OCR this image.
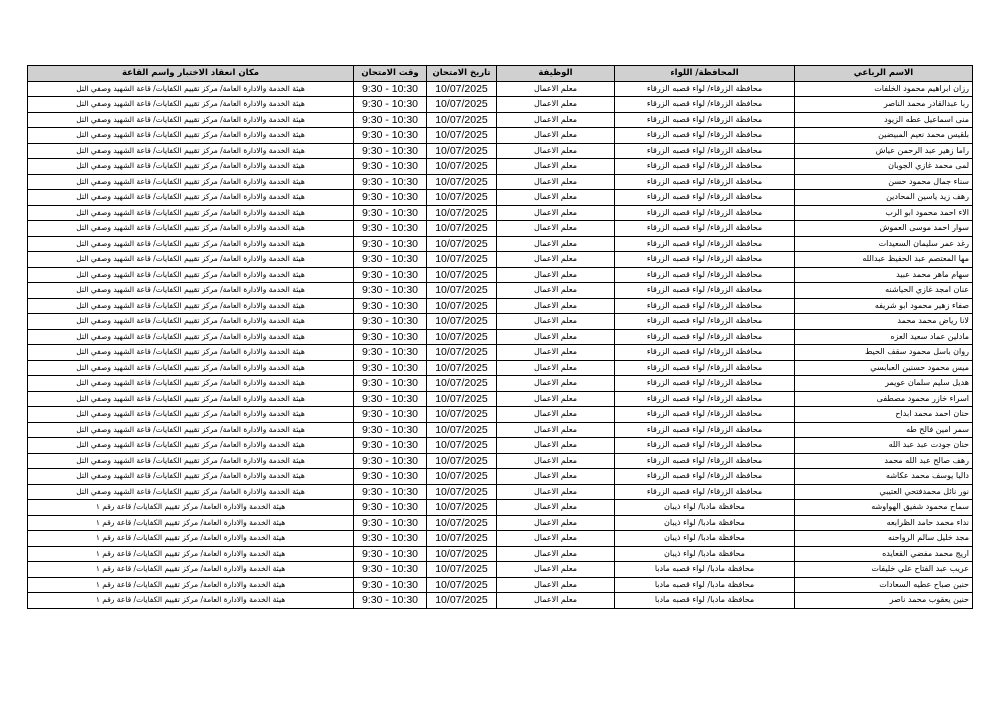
الاسم الرباعي	المحافظة/ اللواء	الوظيفة	تاريخ الامتحان	وقت الامتحان	مكان انعقاد الاختبار واسم القاعة
رزان ابراهيم محمود الخلفات	محافظة الزرقاء/ لواء قصبه الزرقاء	معلم الاعمال	10/07/2025	9:30 - 10:30	هيئة الخدمة والادارة العامة/ مركز تقييم الكفايات/ قاعة الشهيد وصفي التل
ربا عبدالقادر محمد الناصر	محافظة الزرقاء/ لواء قصبه الزرقاء	معلم الاعمال	10/07/2025	9:30 - 10:30	هيئة الخدمة والادارة العامة/ مركز تقييم الكفايات/ قاعة الشهيد وصفي التل
منى اسماعيل عطه الزيود	محافظة الزرقاء/ لواء قصبه الزرقاء	معلم الاعمال	10/07/2025	9:30 - 10:30	هيئة الخدمة والادارة العامة/ مركز تقييم الكفايات/ قاعة الشهيد وصفي التل
بلقيس محمد نعيم المبيضين	محافظة الزرقاء/ لواء قصبه الزرقاء	معلم الاعمال	10/07/2025	9:30 - 10:30	هيئة الخدمة والادارة العامة/ مركز تقييم الكفايات/ قاعة الشهيد وصفي التل
راما زهير عبد الرحمن عياش	محافظة الزرقاء/ لواء قصبه الزرقاء	معلم الاعمال	10/07/2025	9:30 - 10:30	هيئة الخدمة والادارة العامة/ مركز تقييم الكفايات/ قاعة الشهيد وصفي التل
لمى محمد غازي الجوبان	محافظة الزرقاء/ لواء قصبه الزرقاء	معلم الاعمال	10/07/2025	9:30 - 10:30	هيئة الخدمة والادارة العامة/ مركز تقييم الكفايات/ قاعة الشهيد وصفي التل
سناء جمال محمود حسن	محافظة الزرقاء/ لواء قصبه الزرقاء	معلم الاعمال	10/07/2025	9:30 - 10:30	هيئة الخدمة والادارة العامة/ مركز تقييم الكفايات/ قاعة الشهيد وصفي التل
رهف زيد ياسين المحادين	محافظة الزرقاء/ لواء قصبه الزرقاء	معلم الاعمال	10/07/2025	9:30 - 10:30	هيئة الخدمة والادارة العامة/ مركز تقييم الكفايات/ قاعة الشهيد وصفي التل
الاء احمد محمود ابو الرب	محافظة الزرقاء/ لواء قصبه الزرقاء	معلم الاعمال	10/07/2025	9:30 - 10:30	هيئة الخدمة والادارة العامة/ مركز تقييم الكفايات/ قاعة الشهيد وصفي التل
سوار احمد موسى العموش	محافظة الزرقاء/ لواء قصبه الزرقاء	معلم الاعمال	10/07/2025	9:30 - 10:30	هيئة الخدمة والادارة العامة/ مركز تقييم الكفايات/ قاعة الشهيد وصفي التل
رغد عمر سليمان السعيدات	محافظة الزرقاء/ لواء قصبه الزرقاء	معلم الاعمال	10/07/2025	9:30 - 10:30	هيئة الخدمة والادارة العامة/ مركز تقييم الكفايات/ قاعة الشهيد وصفي التل
مها المعتصم عبد الحفيظ عبدالله	محافظة الزرقاء/ لواء قصبه الزرقاء	معلم الاعمال	10/07/2025	9:30 - 10:30	هيئة الخدمة والادارة العامة/ مركز تقييم الكفايات/ قاعة الشهيد وصفي التل
سهام ماهر محمد عبيد	محافظة الزرقاء/ لواء قصبه الزرقاء	معلم الاعمال	10/07/2025	9:30 - 10:30	هيئة الخدمة والادارة العامة/ مركز تقييم الكفايات/ قاعة الشهيد وصفي التل
عنان امجد غازي الحياشنه	محافظة الزرقاء/ لواء قصبه الزرقاء	معلم الاعمال	10/07/2025	9:30 - 10:30	هيئة الخدمة والادارة العامة/ مركز تقييم الكفايات/ قاعة الشهيد وصفي التل
صفاء زهير محمود ابو شريفه	محافظة الزرقاء/ لواء قصبه الزرقاء	معلم الاعمال	10/07/2025	9:30 - 10:30	هيئة الخدمة والادارة العامة/ مركز تقييم الكفايات/ قاعة الشهيد وصفي التل
لانا رياض محمد محمد	محافظة الزرقاء/ لواء قصبه الزرقاء	معلم الاعمال	10/07/2025	9:30 - 10:30	هيئة الخدمة والادارة العامة/ مركز تقييم الكفايات/ قاعة الشهيد وصفي التل
مادلين عماد سعيد العزه	محافظة الزرقاء/ لواء قصبه الزرقاء	معلم الاعمال	10/07/2025	9:30 - 10:30	هيئة الخدمة والادارة العامة/ مركز تقييم الكفايات/ قاعة الشهيد وصفي التل
روان باسل محمود سقف الحيط	محافظة الزرقاء/ لواء قصبه الزرقاء	معلم الاعمال	10/07/2025	9:30 - 10:30	هيئة الخدمة والادارة العامة/ مركز تقييم الكفايات/ قاعة الشهيد وصفي التل
ميس محمود حسنين العبابسي	محافظة الزرقاء/ لواء قصبه الزرقاء	معلم الاعمال	10/07/2025	9:30 - 10:30	هيئة الخدمة والادارة العامة/ مركز تقييم الكفايات/ قاعة الشهيد وصفي التل
هديل سليم سلمان عويمر	محافظة الزرقاء/ لواء قصبه الزرقاء	معلم الاعمال	10/07/2025	9:30 - 10:30	هيئة الخدمة والادارة العامة/ مركز تقييم الكفايات/ قاعة الشهيد وصفي التل
اسراء خازر محمود مصطفى	محافظة الزرقاء/ لواء قصبه الزرقاء	معلم الاعمال	10/07/2025	9:30 - 10:30	هيئة الخدمة والادارة العامة/ مركز تقييم الكفايات/ قاعة الشهيد وصفي التل
حنان احمد محمد ابداح	محافظة الزرقاء/ لواء قصبه الزرقاء	معلم الاعمال	10/07/2025	9:30 - 10:30	هيئة الخدمة والادارة العامة/ مركز تقييم الكفايات/ قاعة الشهيد وصفي التل
سمر امين فالح طه	محافظة الزرقاء/ لواء قصبه الزرقاء	معلم الاعمال	10/07/2025	9:30 - 10:30	هيئة الخدمة والادارة العامة/ مركز تقييم الكفايات/ قاعة الشهيد وصفي التل
حنان جودت عبد عبد الله	محافظة الزرقاء/ لواء قصبه الزرقاء	معلم الاعمال	10/07/2025	9:30 - 10:30	هيئة الخدمة والادارة العامة/ مركز تقييم الكفايات/ قاعة الشهيد وصفي التل
رهف صالح عبد الله محمد	محافظة الزرقاء/ لواء قصبه الزرقاء	معلم الاعمال	10/07/2025	9:30 - 10:30	هيئة الخدمة والادارة العامة/ مركز تقييم الكفايات/ قاعة الشهيد وصفي التل
داليا يوسف محمد عكاشه	محافظة الزرقاء/ لواء قصبه الزرقاء	معلم الاعمال	10/07/2025	9:30 - 10:30	هيئة الخدمة والادارة العامة/ مركز تقييم الكفايات/ قاعة الشهيد وصفي التل
نور نائل محمدفتحي العتيبي	محافظة الزرقاء/ لواء قصبه الزرقاء	معلم الاعمال	10/07/2025	9:30 - 10:30	هيئة الخدمة والادارة العامة/ مركز تقييم الكفايات/ قاعة الشهيد وصفي التل
سماح محمود شفيق الهواوشه	محافظة مادبا/ لواء ذيبان	معلم الاعمال	10/07/2025	9:30 - 10:30	هيئة الخدمة والادارة العامة/ مركز تقييم الكفايات/ قاعة رقم ١
نداء محمد حامد الظرابعه	محافظة مادبا/ لواء ذيبان	معلم الاعمال	10/07/2025	9:30 - 10:30	هيئة الخدمة والادارة العامة/ مركز تقييم الكفايات/ قاعة رقم ١
مجد خليل سالم الرواحنه	محافظة مادبا/ لواء ذيبان	معلم الاعمال	10/07/2025	9:30 - 10:30	هيئة الخدمة والادارة العامة/ مركز تقييم الكفايات/ قاعة رقم ١
اريج محمد مفضي القعايده	محافظة مادبا/ لواء ذيبان	معلم الاعمال	10/07/2025	9:30 - 10:30	هيئة الخدمة والادارة العامة/ مركز تقييم الكفايات/ قاعة رقم ١
عريب عبد الفتاح علي خليفات	محافظة مادبا/ لواء قصبه مادبا	معلم الاعمال	10/07/2025	9:30 - 10:30	هيئة الخدمة والادارة العامة/ مركز تقييم الكفايات/ قاعة رقم ١
حنين صباح عطيه السعادات	محافظة مادبا/ لواء قصبه مادبا	معلم الاعمال	10/07/2025	9:30 - 10:30	هيئة الخدمة والادارة العامة/ مركز تقييم الكفايات/ قاعة رقم ١
حنين يعقوب محمد ناصر	محافظة مادبا/ لواء قصبه مادبا	معلم الاعمال	10/07/2025	9:30 - 10:30	هيئة الخدمة والادارة العامة/ مركز تقييم الكفايات/ قاعة رقم ١
